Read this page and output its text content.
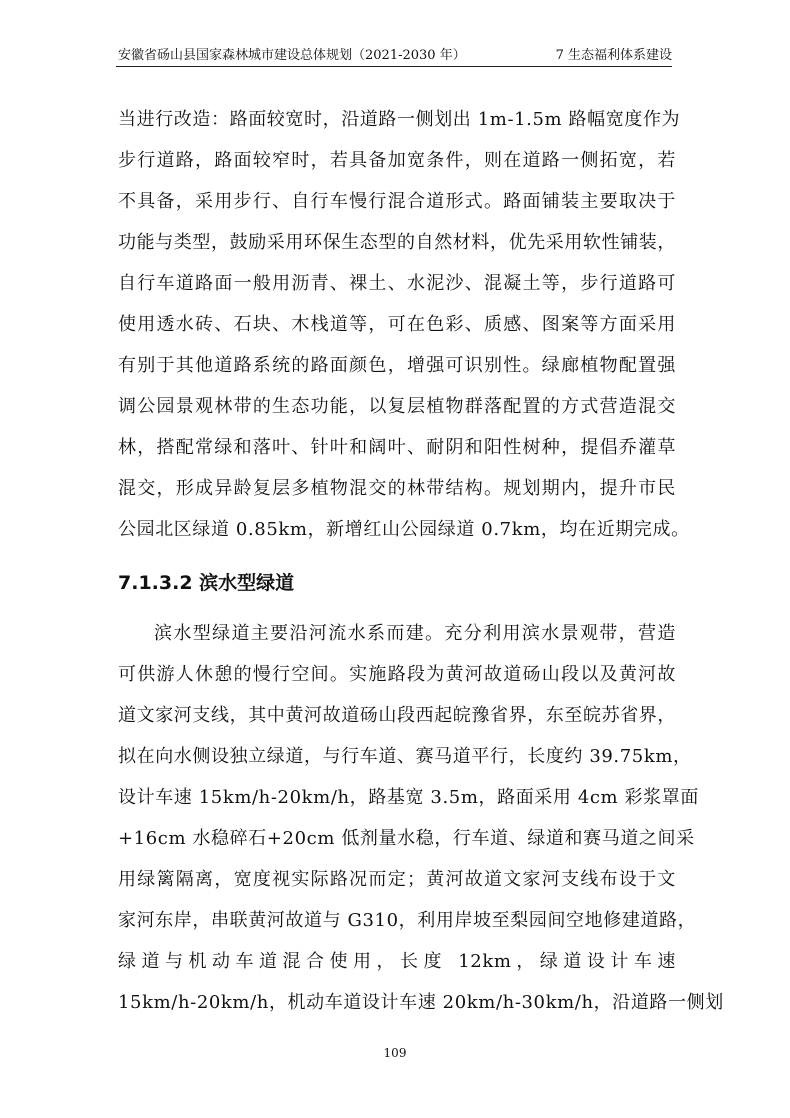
安徽省砀山县国家森林城市建设总体规划（2021-2030 年）	7 生态福利体系建设
当进行改造：路面较宽时，沿道路一侧划出 1m-1.5m 路幅宽度作为
步行道路，路面较窄时，若具备加宽条件，则在道路一侧拓宽，若
不具备，采用步行、自行车慢行混合道形式。路面铺装主要取决于
功能与类型，鼓励采用环保生态型的自然材料，优先采用软性铺装，
自行车道路面一般用沥青、裸土、水泥沙、混凝土等，步行道路可
使用透水砖、石块、木栈道等，可在色彩、质感、图案等方面采用
有别于其他道路系统的路面颜色，增强可识别性。绿廊植物配置强
调公园景观林带的生态功能，以复层植物群落配置的方式营造混交
林，搭配常绿和落叶、针叶和阔叶、耐阴和阳性树种，提倡乔灌草
混交，形成异龄复层多植物混交的林带结构。规划期内，提升市民
公园北区绿道 0.85km，新增红山公园绿道 0.7km，均在近期完成。
7.1.3.2 滨水型绿道
滨水型绿道主要沿河流水系而建。充分利用滨水景观带，营造
可供游人休憩的慢行空间。实施路段为黄河故道砀山段以及黄河故
道文家河支线，其中黄河故道砀山段西起皖豫省界，东至皖苏省界，
拟在向水侧设独立绿道，与行车道、赛马道平行，长度约 39.75km，
设计车速 15km/h-20km/h，路基宽 3.5m，路面采用 4cm 彩浆罩面
+16cm 水稳碎石+20cm 低剂量水稳，行车道、绿道和赛马道之间采
用绿篱隔离，宽度视实际路况而定；黄河故道文家河支线布设于文
家河东岸，串联黄河故道与 G310，利用岸坡至梨园间空地修建道路，
绿道与机动车道混合使用，长度 12km，绿道设计车速
15km/h-20km/h，机动车道设计车速 20km/h-30km/h，沿道路一侧划
109
